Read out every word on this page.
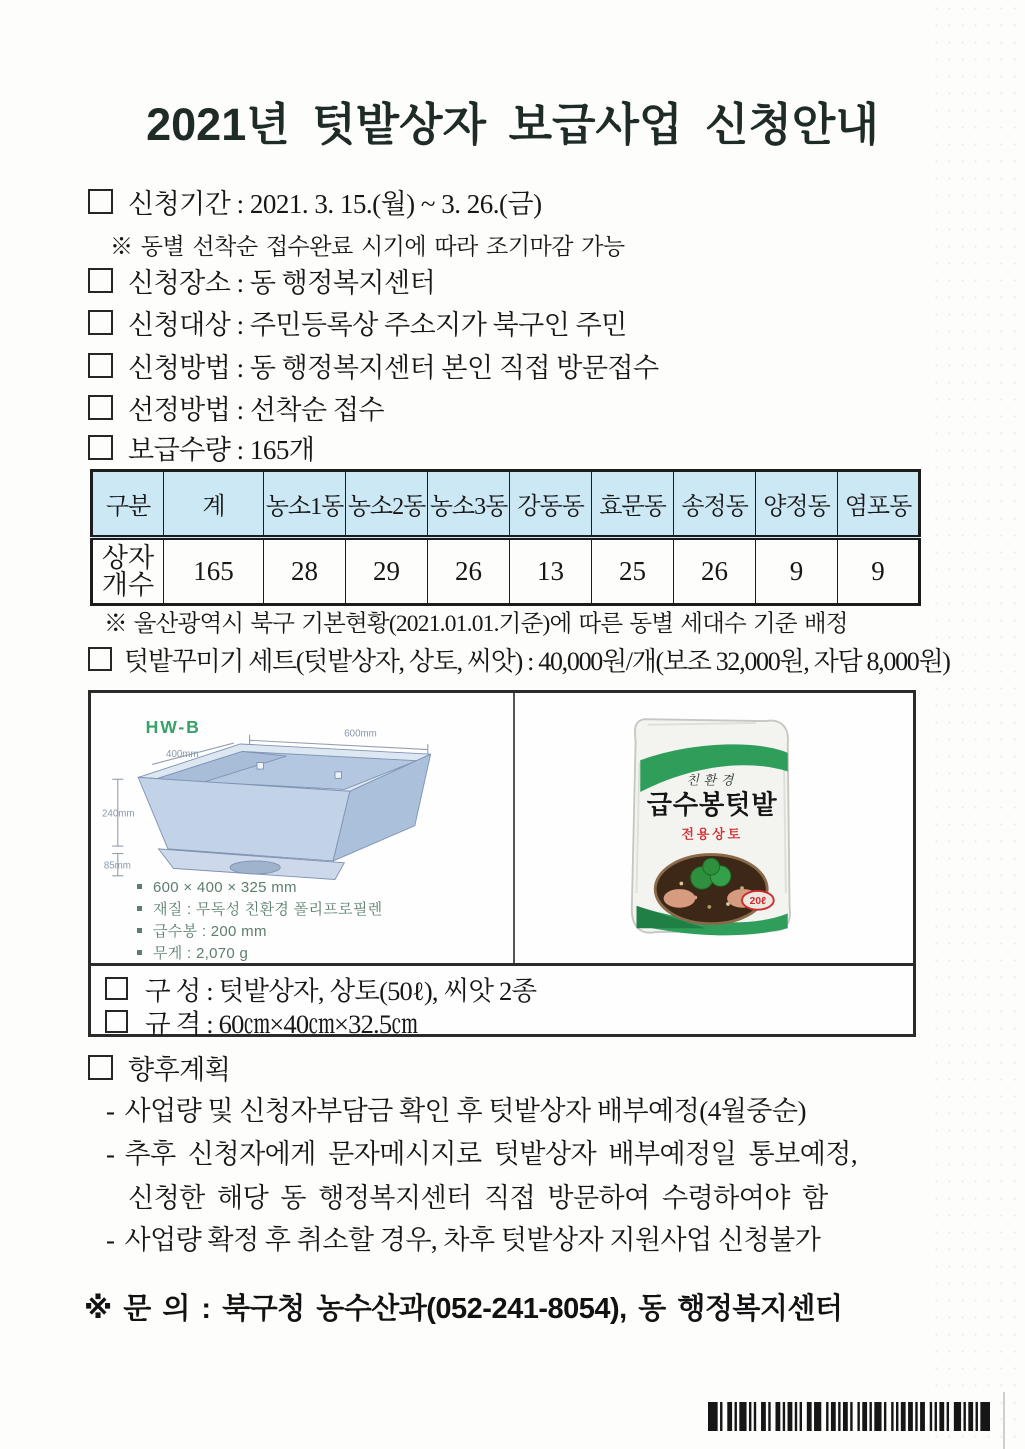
2021년 텃밭상자 보급사업 신청안내
신청기간 : 2021. 3. 15.(월) ~ 3. 26.(금)
※ 동별 선착순 접수완료 시기에 따라 조기마감 가능
신청장소 : 동 행정복지센터
신청대상 : 주민등록상 주소지가 북구인 주민
신청방법 : 동 행정복지센터 본인 직접 방문접수
선정방법 : 선착순 접수
보급수량 : 165개
구분	계	농소1동	농소2동	농소3동	강동동	효문동	송정동	양정동	염포동

상자
개수	165	28	29	26	13	25	26	9	9
※ 울산광역시 북구 기본현황(2021.01.01.기준)에 따른 동별 세대수 기준 배정
텃밭꾸미기 세트(텃밭상자, 상토, 씨앗) : 40,000원/개(보조 32,000원, 자담 8,000원)
HW-B
400mm
600mm
240mm
85mm
600 × 400 × 325 mm
재질 : 무독성 친환경 폴리프로필렌
급수봉 : 200 mm
무게 : 2,070 g
친환경
급수봉텃밭
전용상토
20ℓ
구 성 : 텃밭상자, 상토(50ℓ), 씨앗 2종
규 격 : 60㎝×40㎝×32.5㎝
향후계획
- 사업량 및 신청자부담금 확인 후 텃밭상자 배부예정(4월중순)
- 추후 신청자에게 문자메시지로 텃밭상자 배부예정일 통보예정,
신청한 해당 동 행정복지센터 직접 방문하여 수령하여야 함
- 사업량 확정 후 취소할 경우, 차후 텃밭상자 지원사업 신청불가
※ 문 의 : 북구청 농수산과(052-241-8054), 동 행정복지센터
